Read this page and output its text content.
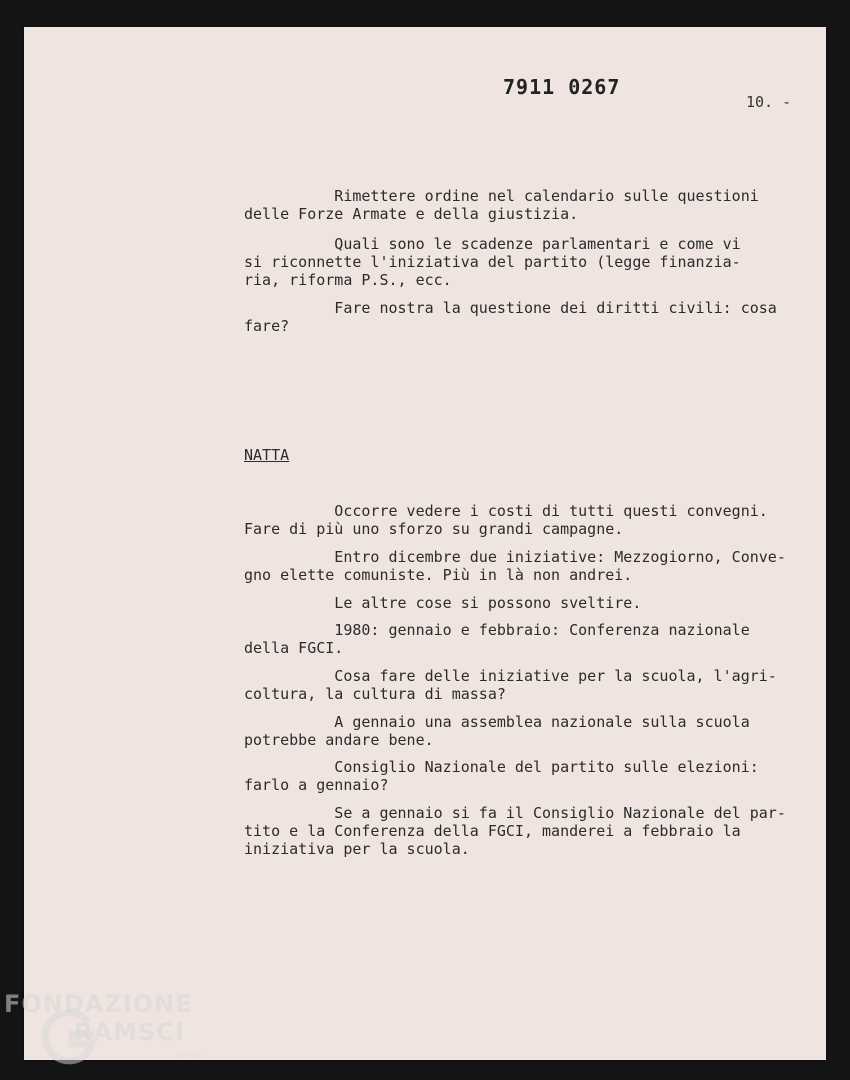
7911 0267
10. -
Rimettere ordine nel calendario sulle questioni
delle Forze Armate e della giustizia.
Quali sono le scadenze parlamentari e come vi
si riconnette l'iniziativa del partito (legge finanzia-
ria, riforma P.S., ecc.
Fare nostra la questione dei diritti civili: cosa
fare?
NATTA
Occorre vedere i costi di tutti questi convegni.
Fare di più uno sforzo su grandi campagne.
Entro dicembre due iniziative: Mezzogiorno, Conve-
gno elette comuniste. Più in là non andrei.
Le altre cose si possono sveltire.
1980: gennaio e febbraio: Conferenza nazionale
della FGCI.
Cosa fare delle iniziative per la scuola, l'agri-
coltura, la cultura di massa?
A gennaio una assemblea nazionale sulla scuola
potrebbe andare bene.
Consiglio Nazionale del partito sulle elezioni:
farlo a gennaio?
Se a gennaio si fa il Consiglio Nazionale del par-
tito e la Conferenza della FGCI, manderei a febbraio la
iniziativa per la scuola.
FONDAZIONE
RAMSCI
onlus
